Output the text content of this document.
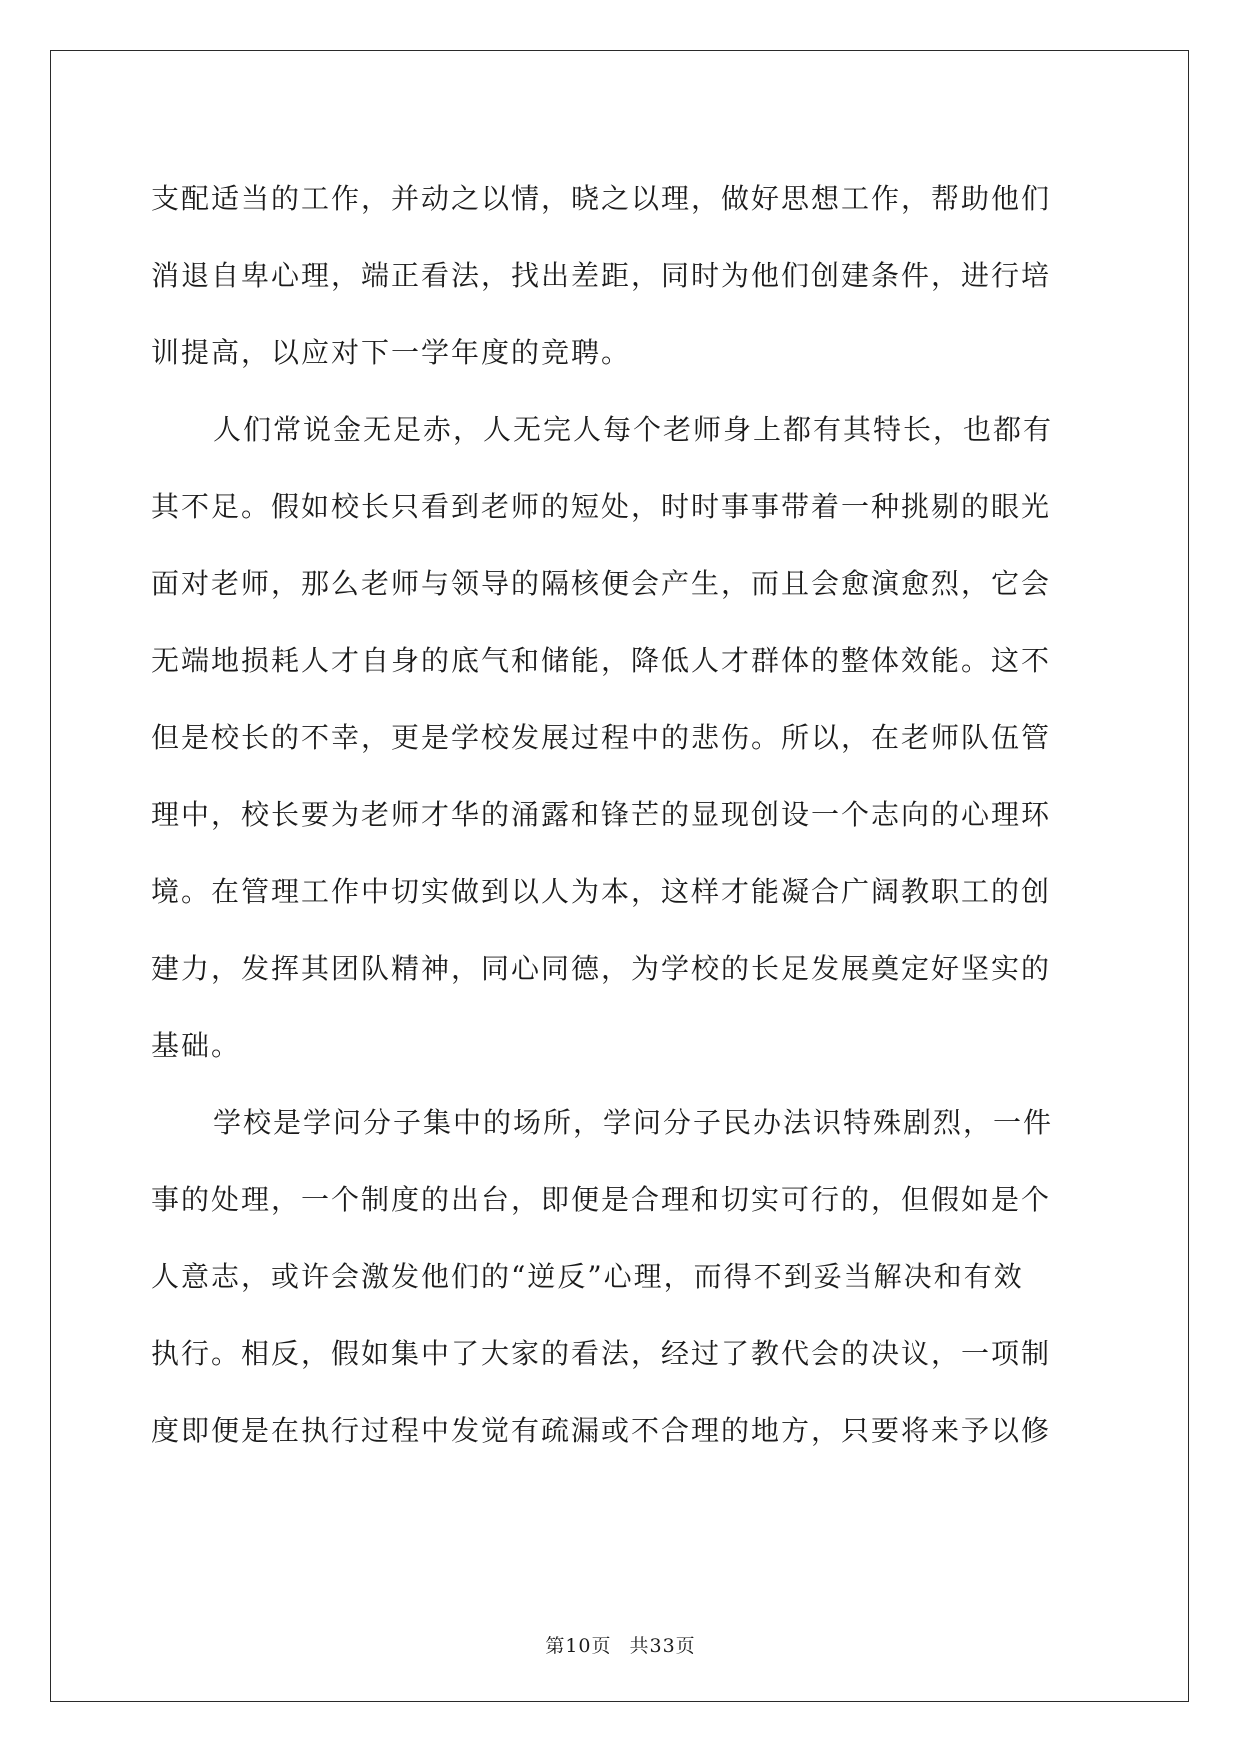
支配适当的工作，并动之以情，晓之以理，做好思想工作，帮助他们
消退自卑心理，端正看法，找出差距，同时为他们创建条件，进行培
训提高，以应对下一学年度的竞聘。

人们常说金无足赤，人无完人每个老师身上都有其特长，也都有
其不足。假如校长只看到老师的短处，时时事事带着一种挑剔的眼光
面对老师，那么老师与领导的隔核便会产生，而且会愈演愈烈，它会
无端地损耗人才自身的底气和储能，降低人才群体的整体效能。这不
但是校长的不幸，更是学校发展过程中的悲伤。所以，在老师队伍管
理中，校长要为老师才华的涌露和锋芒的显现创设一个志向的心理环
境。在管理工作中切实做到以人为本，这样才能凝合广阔教职工的创
建力，发挥其团队精神，同心同德，为学校的长足发展奠定好坚实的
基础。

学校是学问分子集中的场所，学问分子民办法识特殊剧烈，一件
事的处理，一个制度的出台，即便是合理和切实可行的，但假如是个
人意志，或许会激发他们的“逆反”心理，而得不到妥当解决和有效
执行。相反，假如集中了大家的看法，经过了教代会的决议，一项制
度即便是在执行过程中发觉有疏漏或不合理的地方，只要将来予以修

第10页 共33页
